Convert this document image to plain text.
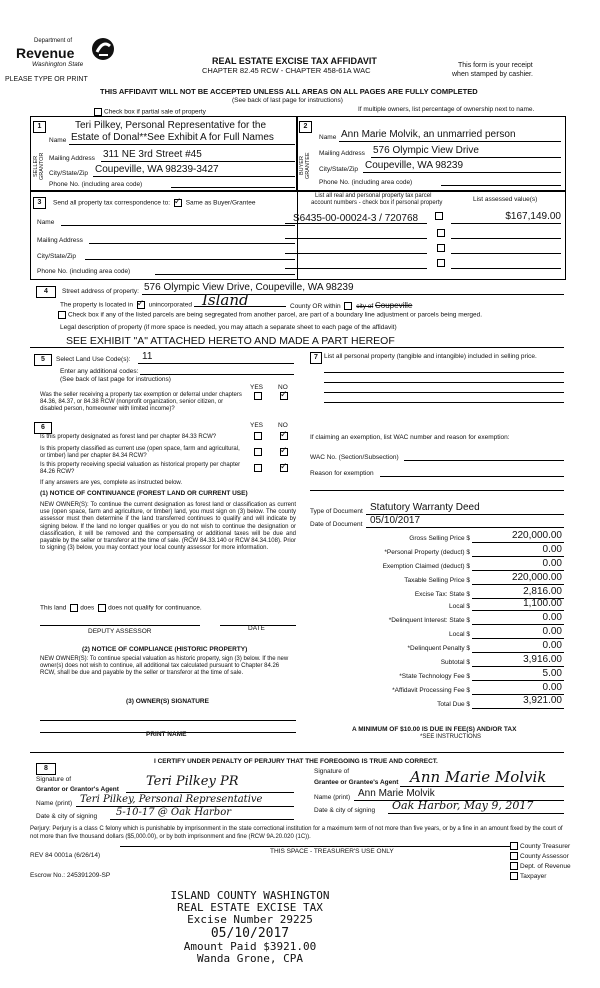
Department of
Revenue
Washington State
PLEASE TYPE OR PRINT
REAL ESTATE EXCISE TAX AFFIDAVIT
CHAPTER 82.45 RCW - CHAPTER 458-61A WAC
This form is your receipt
when stamped by cashier.
THIS AFFIDAVIT WILL NOT BE ACCEPTED UNLESS ALL AREAS ON ALL PAGES ARE FULLY COMPLETED
(See back of last page for instructions)
Check box if partial sale of property	If multiple owners, list percentage of ownership next to name.
1
SELLER GRANTOR
Teri Pilkey, Personal Representative for the
Name Estate of Donal**See Exhibit A for Full Names
Mailing Address 311 NE 3rd Street #45
City/State/Zip Coupeville, WA 98239-3427
Phone No. (including area code)
2
BUYER GRANTEE
Name Ann Marie Molvik, an unmarried person
Mailing Address 576 Olympic View Drive
City/State/Zip Coupeville, WA 98239
Phone No. (including area code)
3	Send all property tax correspondence to: ✓ Same as Buyer/Grantee
Name
Mailing Address
City/State/Zip
Phone No. (including area code)
List all real and personal property tax parcel
account numbers - check box if personal property	List assessed value(s)
S6435-00-00024-3 / 720768	$167,149.00
4	Street address of property: 576 Olympic View Drive, Coupeville, WA 98239
The property is located in ✓ unincorporated Island	County OR within city of Coupeville
Check box if any of the listed parcels are being segregated from another parcel, are part of a boundary line adjustment or parcels being merged.
Legal description of property (if more space is needed, you may attach a separate sheet to each page of the affidavit)
SEE EXHIBIT "A" ATTACHED HERETO AND MADE A PART HEREOF
5	Select Land Use Code(s): 11
Enter any additional codes:
(See back of last page for instructions)
YES NO
Was the seller receiving a property tax exemption or deferral under chapters 84.36, 84.37, or 84.38 RCW (nonprofit organization, senior citizen, or disabled person, homeowner with limited income)?
✓
6	YES NO
Is this property designated as forest land per chapter 84.33 RCW?
✓
Is this property classified as current use (open space, farm and agricultural, or timber) land per chapter 84.34 RCW?
✓
Is this property receiving special valuation as historical property per chapter 84.26 RCW?
✓
If any answers are yes, complete as instructed below.
(1) NOTICE OF CONTINUANCE (FOREST LAND OR CURRENT USE)
NEW OWNER(S): To continue the current designation as forest land or classification as current use (open space, farm and agriculture, or timber) land, you must sign on (3) below. The county assessor must then determine if the land transferred continues to qualify and will indicate by signing below. If the land no longer qualifies or you do not wish to continue the designation or classification, it will be removed and the compensating or additional taxes will be due and payable by the seller or transferor at the time of sale. (RCW 84.33.140 or RCW 84.34.108). Prior to signing (3) below, you may contact your local county assessor for more information.
This land does does not qualify for continuance.
DEPUTY ASSESSOR	DATE
(2) NOTICE OF COMPLIANCE (HISTORIC PROPERTY)
NEW OWNER(S): To continue special valuation as historic property, sign (3) below. If the new owner(s) does not wish to continue, all additional tax calculated pursuant to Chapter 84.26 RCW, shall be due and payable by the seller or transferor at the time of sale.
(3) OWNER(S) SIGNATURE
PRINT NAME
7 List all personal property (tangible and intangible) included in selling price.
If claiming an exemption, list WAC number and reason for exemption:
WAC No. (Section/Subsection)
Reason for exemption
Type of Document Statutory Warranty Deed
Date of Document 05/10/2017
Gross Selling Price $	220,000.00
*Personal Property (deduct) $	0.00
Exemption Claimed (deduct) $	0.00
Taxable Selling Price $	220,000.00
Excise Tax: State $	2,816.00
Local $	1,100.00
*Delinquent Interest: State $	0.00
Local $	0.00
*Delinquent Penalty $	0.00
Subtotal $	3,916.00
*State Technology Fee $	5.00
*Affidavit Processing Fee $	0.00
Total Due $	3,921.00
A MINIMUM OF $10.00 IS DUE IN FEE(S) AND/OR TAX
*SEE INSTRUCTIONS
8
I CERTIFY UNDER PENALTY OF PERJURY THAT THE FOREGOING IS TRUE AND CORRECT.
Signature of
Grantor or Grantor's Agent
Teri Pilkey PR
Name (print) Teri Pilkey, Personal Representative
Date & city of signing 5-10-17 @ Oak Harbor
Signature of
Grantee or Grantee's Agent Ann Marie Molvik
Name (print) Ann Marie Molvik
Date & city of signing Oak Harbor, May 9, 2017
Perjury: Perjury is a class C felony which is punishable by imprisonment in the state correctional institution for a maximum term of not more than five years, or by a fine in an amount fixed by the court of not more than five thousand dollars ($5,000.00), or by both imprisonment and fine (RCW 9A.20.020 (1C)).
REV 84 0001a (6/26/14)
THIS SPACE - TREASURER'S USE ONLY
Escrow No.: 245391209-SP
County Treasurer
County Assessor
Dept. of Revenue
Taxpayer
ISLAND COUNTY WASHINGTON
REAL ESTATE EXCISE TAX
Excise Number 29225
05/10/2017
Amount Paid $3921.00
Wanda Grone, CPA
